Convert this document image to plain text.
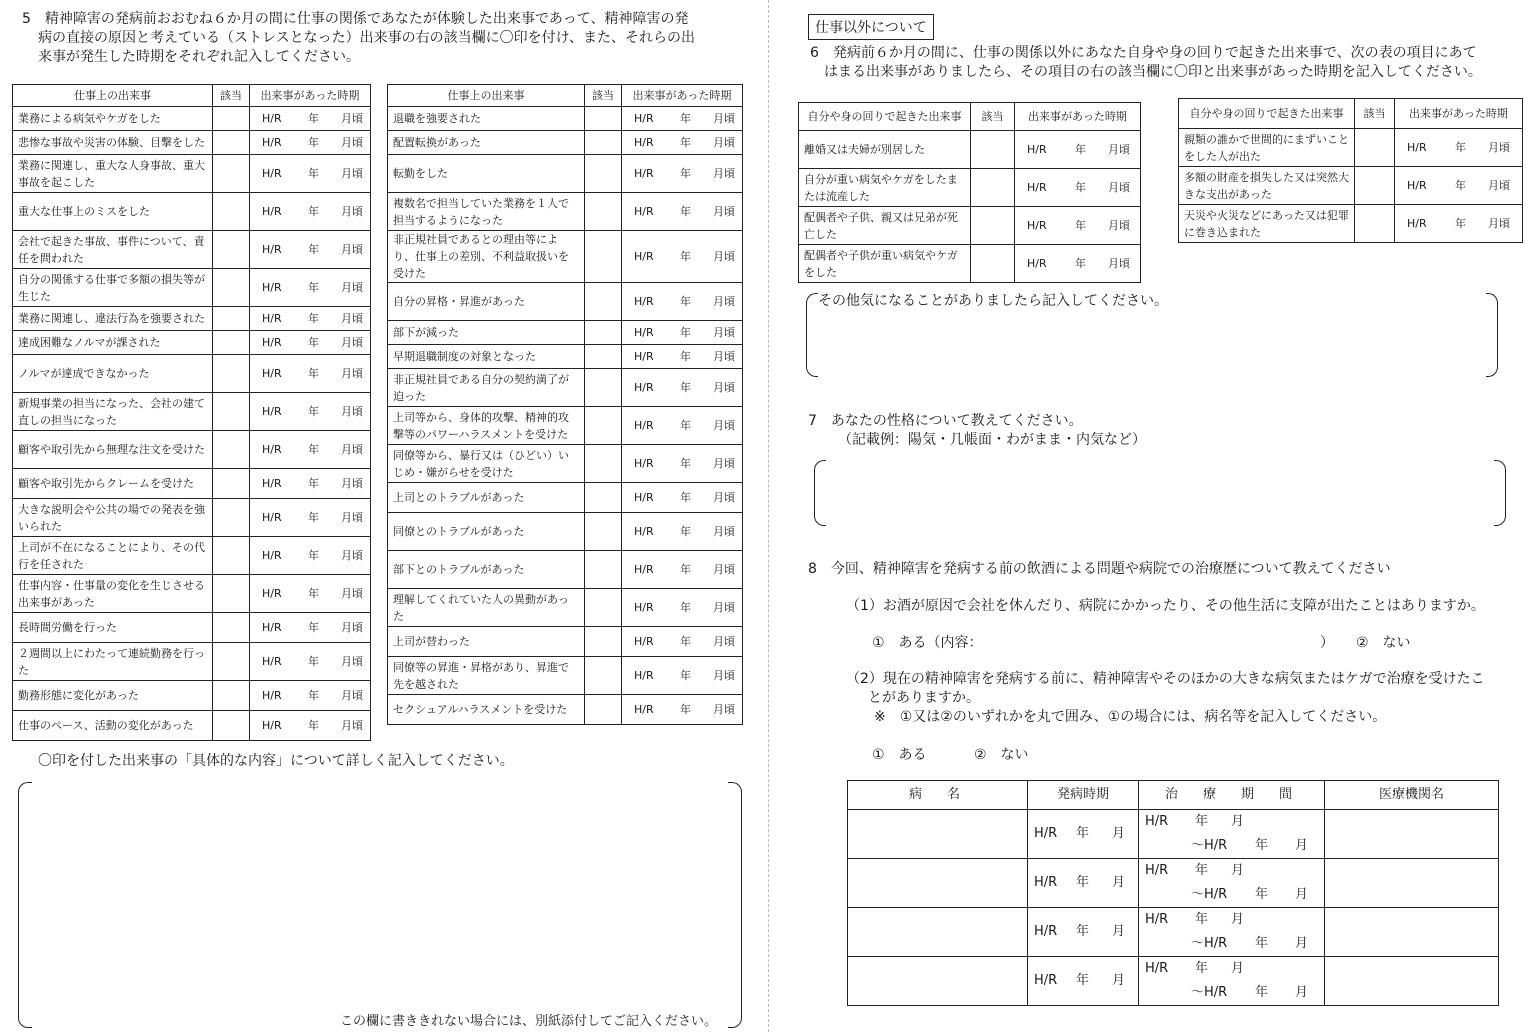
5　精神障害の発病前おおむね６か月の間に仕事の関係であなたが体験した出来事であって、精神障害の発
病の直接の原因と考えている（ストレスとなった）出来事の右の該当欄に〇印を付け、また、それらの出
来事が発生した時期をそれぞれ記入してください。
仕事上の出来事	該当	出来事があった時期
業務による病気やケガをした		H/R 年 月頃
悲惨な事故や災害の体験、目撃をした		H/R 年 月頃
業務に関連し、重大な人身事故、重大事故を起こした		H/R 年 月頃
重大な仕事上のミスをした		H/R 年 月頃
会社で起きた事故、事件について、責任を問われた		H/R 年 月頃
自分の関係する仕事で多額の損失等が生じた		H/R 年 月頃
業務に関連し、違法行為を強要された		H/R 年 月頃
達成困難なノルマが課された		H/R 年 月頃
ノルマが達成できなかった		H/R 年 月頃
新規事業の担当になった、会社の建て直しの担当になった		H/R 年 月頃
顧客や取引先から無理な注文を受けた		H/R 年 月頃
顧客や取引先からクレームを受けた		H/R 年 月頃
大きな説明会や公共の場での発表を強いられた		H/R 年 月頃
上司が不在になることにより、その代行を任された		H/R 年 月頃
仕事内容・仕事量の変化を生じさせる出来事があった		H/R 年 月頃
長時間労働を行った		H/R 年 月頃
２週間以上にわたって連続勤務を行った		H/R 年 月頃
勤務形態に変化があった		H/R 年 月頃
仕事のペース、活動の変化があった		H/R 年 月頃
仕事上の出来事	該当	出来事があった時期
退職を強要された		H/R 年 月頃
配置転換があった		H/R 年 月頃
転勤をした		H/R 年 月頃
複数名で担当していた業務を１人で担当するようになった		H/R 年 月頃
非正規社員であるとの理由等により、仕事上の差別、不利益取扱いを受けた		H/R 年 月頃
自分の昇格・昇進があった		H/R 年 月頃
部下が減った		H/R 年 月頃
早期退職制度の対象となった		H/R 年 月頃
非正規社員である自分の契約満了が迫った		H/R 年 月頃
上司等から、身体的攻撃、精神的攻撃等のパワーハラスメントを受けた		H/R 年 月頃
同僚等から、暴行又は（ひどい）いじめ・嫌がらせを受けた		H/R 年 月頃
上司とのトラブルがあった		H/R 年 月頃
同僚とのトラブルがあった		H/R 年 月頃
部下とのトラブルがあった		H/R 年 月頃
理解してくれていた人の異動があった		H/R 年 月頃
上司が替わった		H/R 年 月頃
同僚等の昇進・昇格があり、昇進で先を越された		H/R 年 月頃
セクシュアルハラスメントを受けた		H/R 年 月頃
〇印を付した出来事の「具体的な内容」について詳しく記入してください。
この欄に書ききれない場合には、別紙添付してご記入ください。
仕事以外について
6　発病前６か月の間に、仕事の関係以外にあなた自身や身の回りで起きた出来事で、次の表の項目にあて
はまる出来事がありましたら、その項目の右の該当欄に〇印と出来事があった時期を記入してください。
自分や身の回りで起きた出来事	該当	出来事があった時期
離婚又は夫婦が別居した		H/R 年 月頃
自分が重い病気やケガをしたまたは流産した		H/R 年 月頃
配偶者や子供、親又は兄弟が死亡した		H/R 年 月頃
配偶者や子供が重い病気やケガをした		H/R 年 月頃
自分や身の回りで起きた出来事	該当	出来事があった時期
親類の誰かで世間的にまずいことをした人が出た		H/R 年 月頃
多額の財産を損失した又は突然大きな支出があった		H/R 年 月頃
天災や火災などにあった又は犯罪に巻き込まれた		H/R 年 月頃
その他気になることがありましたら記入してください。
7　あなたの性格について教えてください。
（記載例：陽気・几帳面・わがまま・内気など）
8　今回、精神障害を発病する前の飲酒による問題や病院での治療歴について教えてください
（1）お酒が原因で会社を休んだり、病院にかかったり、その他生活に支障が出たことはありますか。
①　ある（内容：	） ②　ない
（2）現在の精神障害を発病する前に、精神障害やそのほかの大きな病気またはケガで治療を受けたこ
とがありますか。
※　①又は②のいずれかを丸で囲み、①の場合には、病名等を記入してください。
①　ある	②　ない
病　名	発病時期	治　療　期　間	医療機関名
	H/R 年 月	H/R 年 月
～H/R 年 月	

	H/R 年 月	H/R 年 月
～H/R 年 月	

	H/R 年 月	H/R 年 月
～H/R 年 月	

	H/R 年 月	H/R 年 月
～H/R 年 月	
